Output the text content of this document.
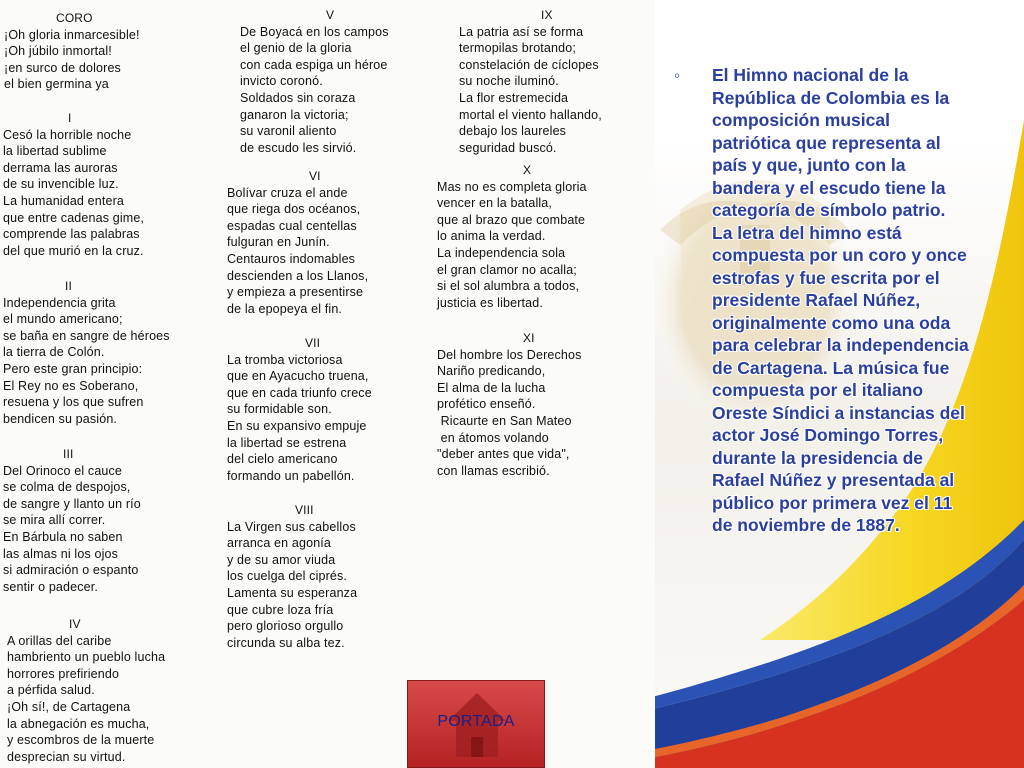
CORO
¡Oh gloria inmarcesible!
¡Oh júbilo inmortal!
¡en surco de dolores
el bien germina ya
I
Cesó la horrible noche
la libertad sublime
derrama las auroras
de su invencible luz.
La humanidad entera
que entre cadenas gime,
comprende las palabras
del que murió en la cruz.
II
Independencia grita
el mundo americano;
se baña en sangre de héroes
la tierra de Colón.
Pero este gran principio:
El Rey no es Soberano,
resuena y los que sufren
bendicen su pasión.
III
Del Orinoco el cauce
se colma de despojos,
de sangre y llanto un río
se mira allí correr.
En Bárbula no saben
las almas ni los ojos
si admiración o espanto
sentir o padecer.
IV
A orillas del caribe
hambriento un pueblo lucha
horrores prefiriendo
a pérfida salud.
¡Oh sí!, de Cartagena
la abnegación es mucha,
y escombros de la muerte
desprecian su virtud.
V
De Boyacá en los campos
el genio de la gloria
con cada espiga un héroe
invicto coronó.
Soldados sin coraza
ganaron la victoria;
su varonil aliento
de escudo les sirvió.
VI
Bolívar cruza el ande
que riega dos océanos,
espadas cual centellas
fulguran en Junín.
Centauros indomables
descienden a los Llanos,
y empieza a presentirse
de la epopeya el fin.
VII
La tromba victoriosa
que en Ayacucho truena,
que en cada triunfo crece
su formidable son.
En su expansivo empuje
la libertad se estrena
del cielo americano
formando un pabellón.
VIII
La Virgen sus cabellos
arranca en agonía
y de su amor viuda
los cuelga del ciprés.
Lamenta su esperanza
que cubre loza fría
pero glorioso orgullo
circunda su alba tez.
IX
La patria así se forma
termopilas brotando;
constelación de cíclopes
su noche iluminó.
La flor estremecida
mortal el viento hallando,
debajo los laureles
seguridad buscó.
X
Mas no es completa gloria
vencer en la batalla,
que al brazo que combate
lo anima la verdad.
La independencia sola
el gran clamor no acalla;
si el sol alumbra a todos,
justicia es libertad.
XI
Del hombre los Derechos
Nariño predicando,
El alma de la lucha
profético enseñó.
Ricaurte en San Mateo
en átomos volando
"deber antes que vida",
con llamas escribió.
◦ El Himno nacional de la República de Colombia es la composición musical patriótica que representa al país y que, junto con la bandera y el escudo tiene la categoría de símbolo patrio. La letra del himno está compuesta por un coro y once estrofas y fue escrita por el presidente Rafael Núñez, originalmente como una oda para celebrar la independencia de Cartagena. La música fue compuesta por el italiano Oreste Síndici a instancias del actor José Domingo Torres, durante la presidencia de Rafael Núñez y presentada al público por primera vez el 11 de noviembre de 1887.
PORTADA
